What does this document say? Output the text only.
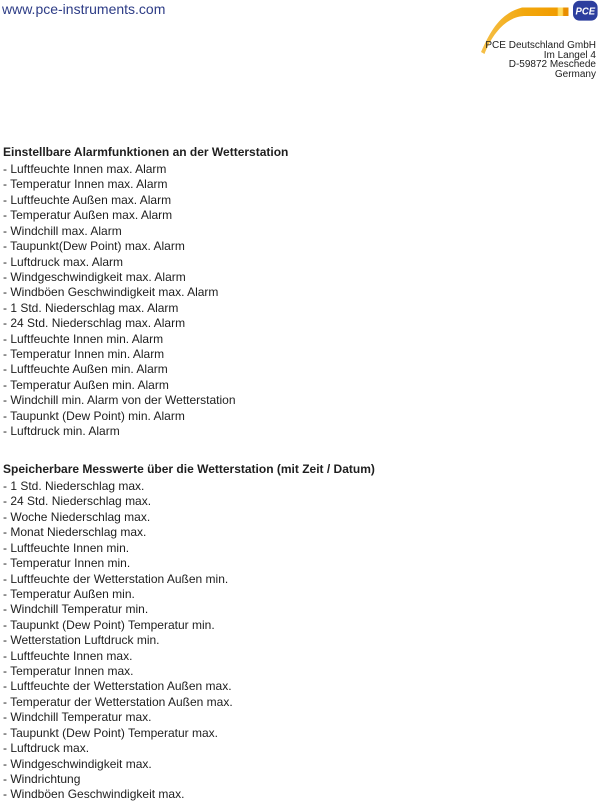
www.pce-instruments.com	PCE
PCE Deutschland GmbH
Im Langel 4
D-59872 Meschede
Germany
Einstellbare Alarmfunktionen an der Wetterstation
- Luftfeuchte Innen max. Alarm
- Temperatur Innen max. Alarm
- Luftfeuchte Außen max. Alarm
- Temperatur Außen max. Alarm
- Windchill max. Alarm
- Taupunkt(Dew Point) max. Alarm
- Luftdruck max. Alarm
- Windgeschwindigkeit max. Alarm
- Windböen Geschwindigkeit max. Alarm
- 1 Std. Niederschlag max. Alarm
- 24 Std. Niederschlag max. Alarm
- Luftfeuchte Innen min. Alarm
- Temperatur Innen min. Alarm
- Luftfeuchte Außen min. Alarm
- Temperatur Außen min. Alarm
- Windchill min. Alarm von der Wetterstation
- Taupunkt (Dew Point) min. Alarm
- Luftdruck min. Alarm
Speicherbare Messwerte über die Wetterstation (mit Zeit / Datum)
- 1 Std. Niederschlag max.
- 24 Std. Niederschlag max.
- Woche Niederschlag max.
- Monat Niederschlag max.
- Luftfeuchte Innen min.
- Temperatur Innen min.
- Luftfeuchte der Wetterstation Außen min.
- Temperatur Außen min.
- Windchill Temperatur min.
- Taupunkt (Dew Point) Temperatur min.
- Wetterstation Luftdruck min.
- Luftfeuchte Innen max.
- Temperatur Innen max.
- Luftfeuchte der Wetterstation Außen max.
- Temperatur der Wetterstation Außen max.
- Windchill Temperatur max.
- Taupunkt (Dew Point) Temperatur max.
- Luftdruck max.
- Windgeschwindigkeit max.
- Windrichtung
- Windböen Geschwindigkeit max.
